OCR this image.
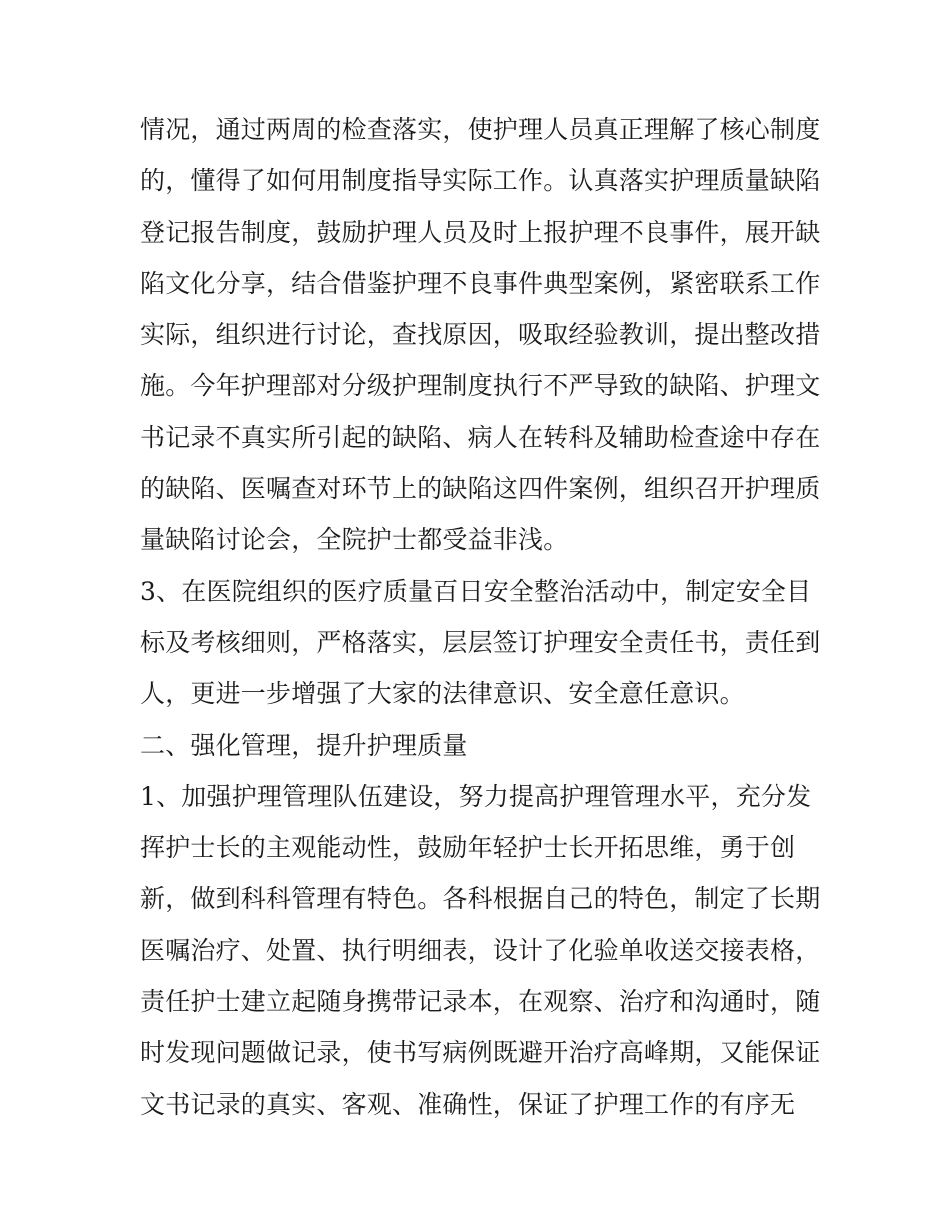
情况，通过两周的检查落实，使护理人员真正理解了核心制度
的，懂得了如何用制度指导实际工作。认真落实护理质量缺陷
登记报告制度，鼓励护理人员及时上报护理不良事件，展开缺
陷文化分享，结合借鉴护理不良事件典型案例，紧密联系工作
实际，组织进行讨论，查找原因，吸取经验教训，提出整改措
施。今年护理部对分级护理制度执行不严导致的缺陷、护理文
书记录不真实所引起的缺陷、病人在转科及辅助检查途中存在
的缺陷、医嘱查对环节上的缺陷这四件案例，组织召开护理质
量缺陷讨论会，全院护士都受益非浅。
3、在医院组织的医疗质量百日安全整治活动中，制定安全目
标及考核细则，严格落实，层层签订护理安全责任书，责任到
人，更进一步增强了大家的法律意识、安全意任意识。
二、强化管理，提升护理质量
1、加强护理管理队伍建设，努力提高护理管理水平，充分发
挥护士长的主观能动性，鼓励年轻护士长开拓思维，勇于创
新，做到科科管理有特色。各科根据自己的特色，制定了长期
医嘱治疗、处置、执行明细表，设计了化验单收送交接表格，
责任护士建立起随身携带记录本，在观察、治疗和沟通时，随
时发现问题做记录，使书写病例既避开治疗高峰期，又能保证
文书记录的真实、客观、准确性，保证了护理工作的有序无
